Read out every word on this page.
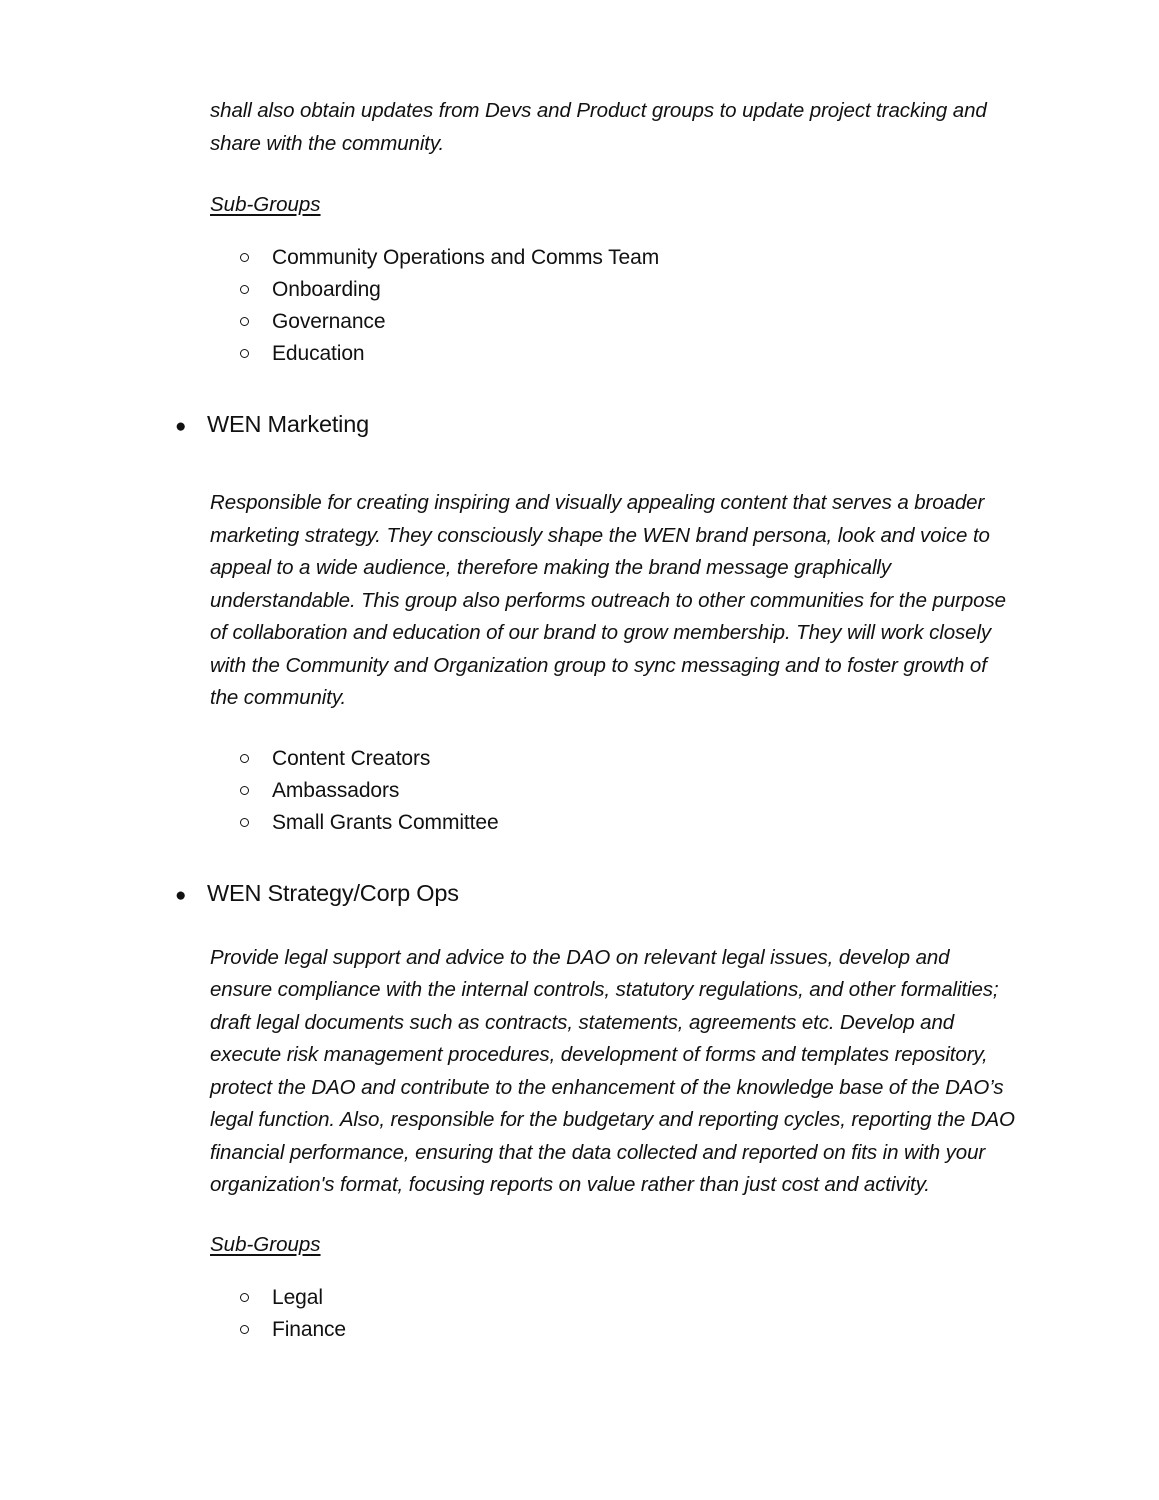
shall also obtain updates from Devs and Product groups to update project tracking and share with the community.

Sub-Groups
Community Operations and Comms Team
Onboarding
Governance
Education
● WEN Marketing

Responsible for creating inspiring and visually appealing content that serves a broader marketing strategy. They consciously shape the WEN brand persona, look and voice to appeal to a wide audience, therefore making the brand message graphically understandable. This group also performs outreach to other communities for the purpose of collaboration and education of our brand to grow membership. They will work closely with the Community and Organization group to sync messaging and to foster growth of the community.

Content Creators
Ambassadors
Small Grants Committee
● WEN Strategy/Corp Ops

Provide legal support and advice to the DAO on relevant legal issues, develop and ensure compliance with the internal controls, statutory regulations, and other formalities; draft legal documents such as contracts, statements, agreements etc. Develop and execute risk management procedures, development of forms and templates repository, protect the DAO and contribute to the enhancement of the knowledge base of the DAO’s legal function. Also, responsible for the budgetary and reporting cycles, reporting the DAO financial performance, ensuring that the data collected and reported on fits in with your organization's format, focusing reports on value rather than just cost and activity.

Sub-Groups
Legal
Finance
